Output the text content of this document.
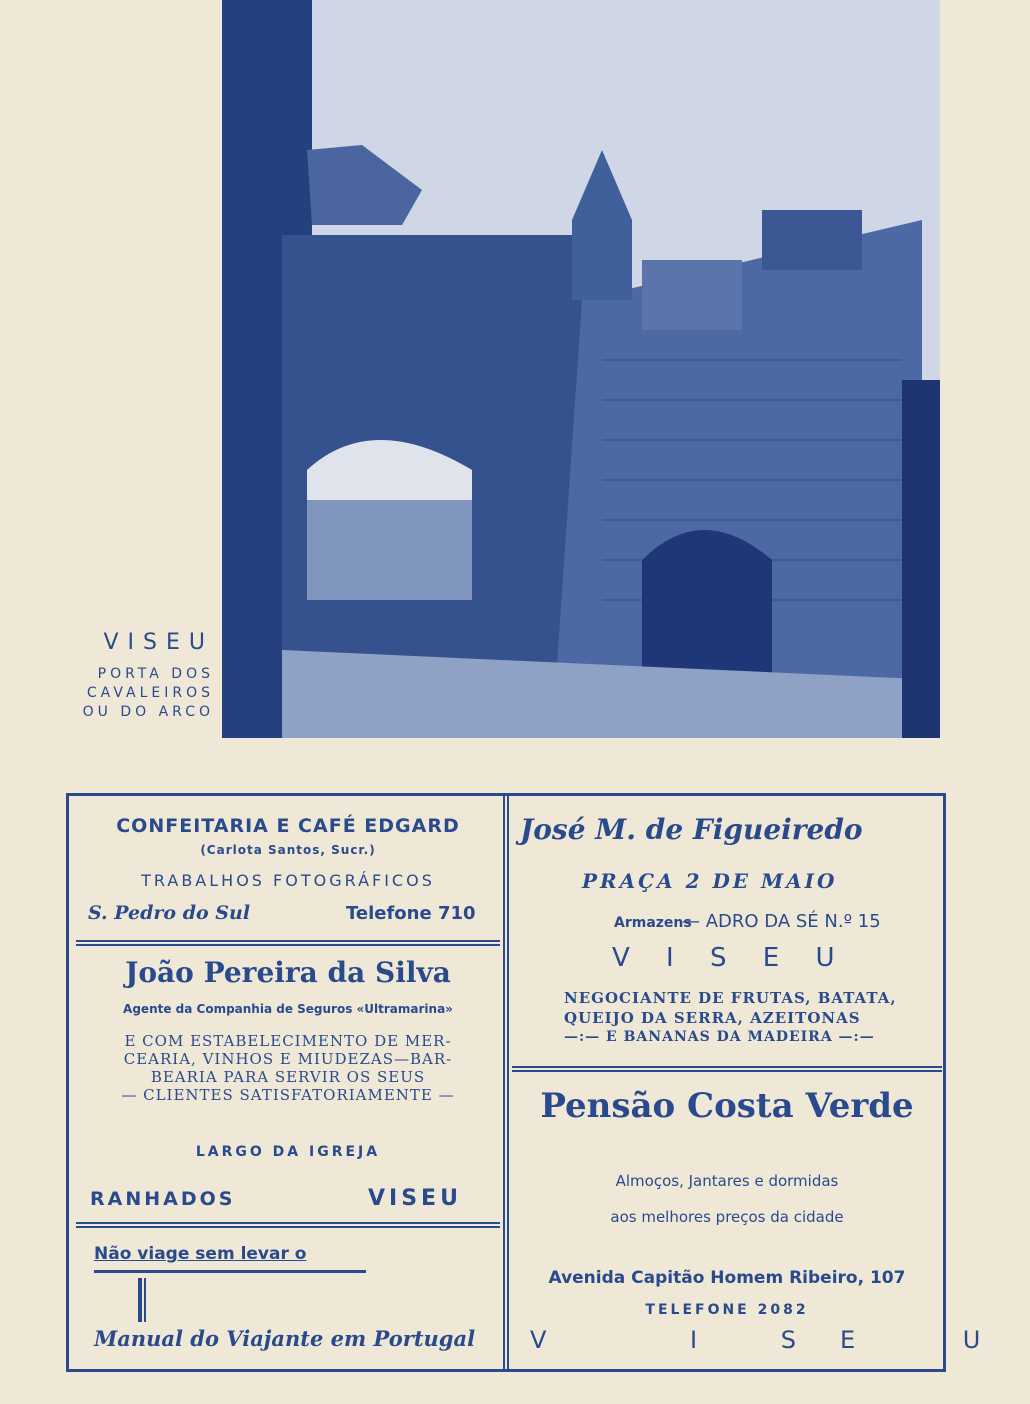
VISEU
PORTA DOS
CAVALEIROS
OU DO ARCO
CONFEITARIA E CAFÉ EDGARD
(Carlota Santos, Sucr.)
TRABALHOS FOTOGRÁFICOS
S. Pedro do Sul	Telefone 710
João Pereira da Silva
Agente da Companhia de Seguros «Ultramarina»
E COM ESTABELECIMENTO DE MER-
CEARIA, VINHOS E MIUDEZAS—BAR-
BEARIA PARA SERVIR OS SEUS
— CLIENTES SATISFATORIAMENTE —
LARGO DA IGREJA
RANHADOS	VISEU
Não viage sem levar o
Manual do Viajante em Portugal
José M. de Figueiredo
PRAÇA 2 DE MAIO
Armazens
— ADRO DA SÉ N.º 15
V I S E U
NEGOCIANTE DE FRUTAS, BATATA,
QUEIJO DA SERRA, AZEITONAS
—:— E BANANAS DA MADEIRA —:—
Pensão Costa Verde
Almoços, Jantares e dormidas
aos melhores preços da cidade
Avenida Capitão Homem Ribeiro, 107
TELEFONE 2082
V	I S E U
